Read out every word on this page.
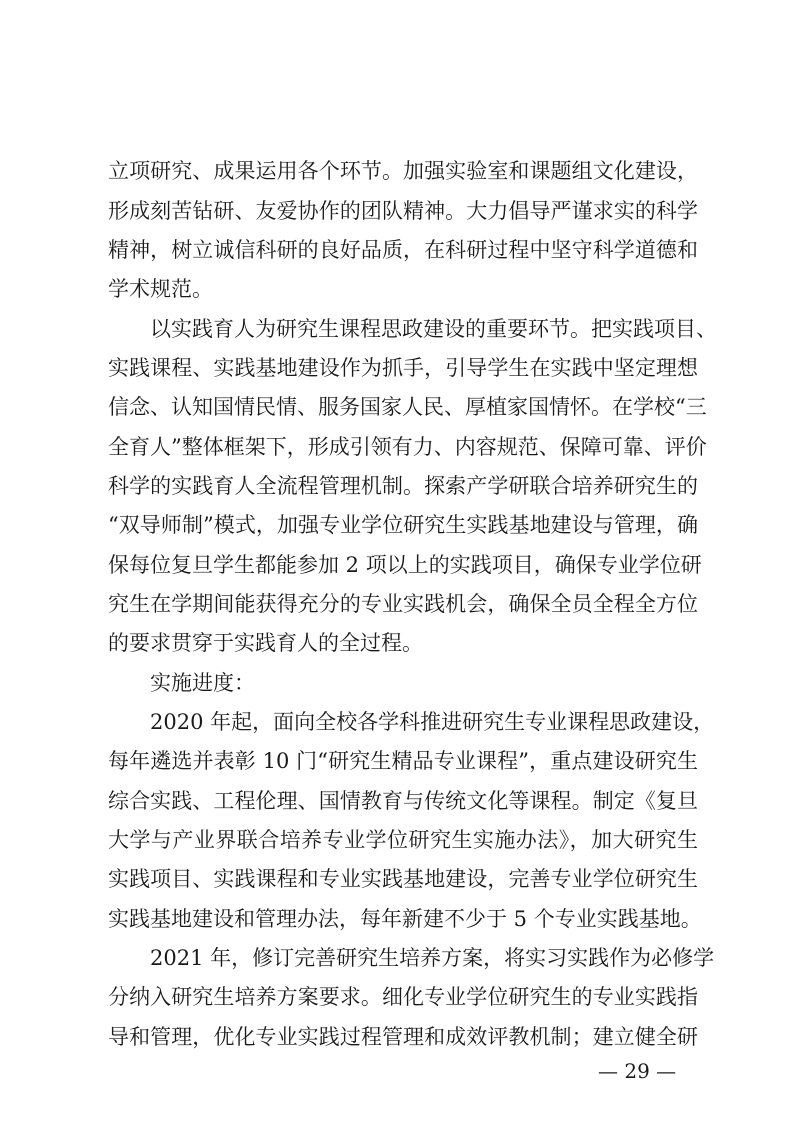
立项研究、成果运用各个环节。加强实验室和课题组文化建设，
形成刻苦钻研、友爱协作的团队精神。大力倡导严谨求实的科学
精神，树立诚信科研的良好品质，在科研过程中坚守科学道德和
学术规范。
以实践育人为研究生课程思政建设的重要环节。把实践项目、
实践课程、实践基地建设作为抓手，引导学生在实践中坚定理想
信念、认知国情民情、服务国家人民、厚植家国情怀。在学校“三
全育人”整体框架下，形成引领有力、内容规范、保障可靠、评价
科学的实践育人全流程管理机制。探索产学研联合培养研究生的
“双导师制”模式，加强专业学位研究生实践基地建设与管理，确
保每位复旦学生都能参加 2 项以上的实践项目，确保专业学位研
究生在学期间能获得充分的专业实践机会，确保全员全程全方位
的要求贯穿于实践育人的全过程。
实施进度：
2020 年起，面向全校各学科推进研究生专业课程思政建设，
每年遴选并表彰 10 门“研究生精品专业课程”，重点建设研究生
综合实践、工程伦理、国情教育与传统文化等课程。制定《复旦
大学与产业界联合培养专业学位研究生实施办法》，加大研究生
实践项目、实践课程和专业实践基地建设，完善专业学位研究生
实践基地建设和管理办法，每年新建不少于 5 个专业实践基地。
2021 年，修订完善研究生培养方案，将实习实践作为必修学
分纳入研究生培养方案要求。细化专业学位研究生的专业实践指
导和管理，优化专业实践过程管理和成效评教机制；建立健全研
— 29 —
